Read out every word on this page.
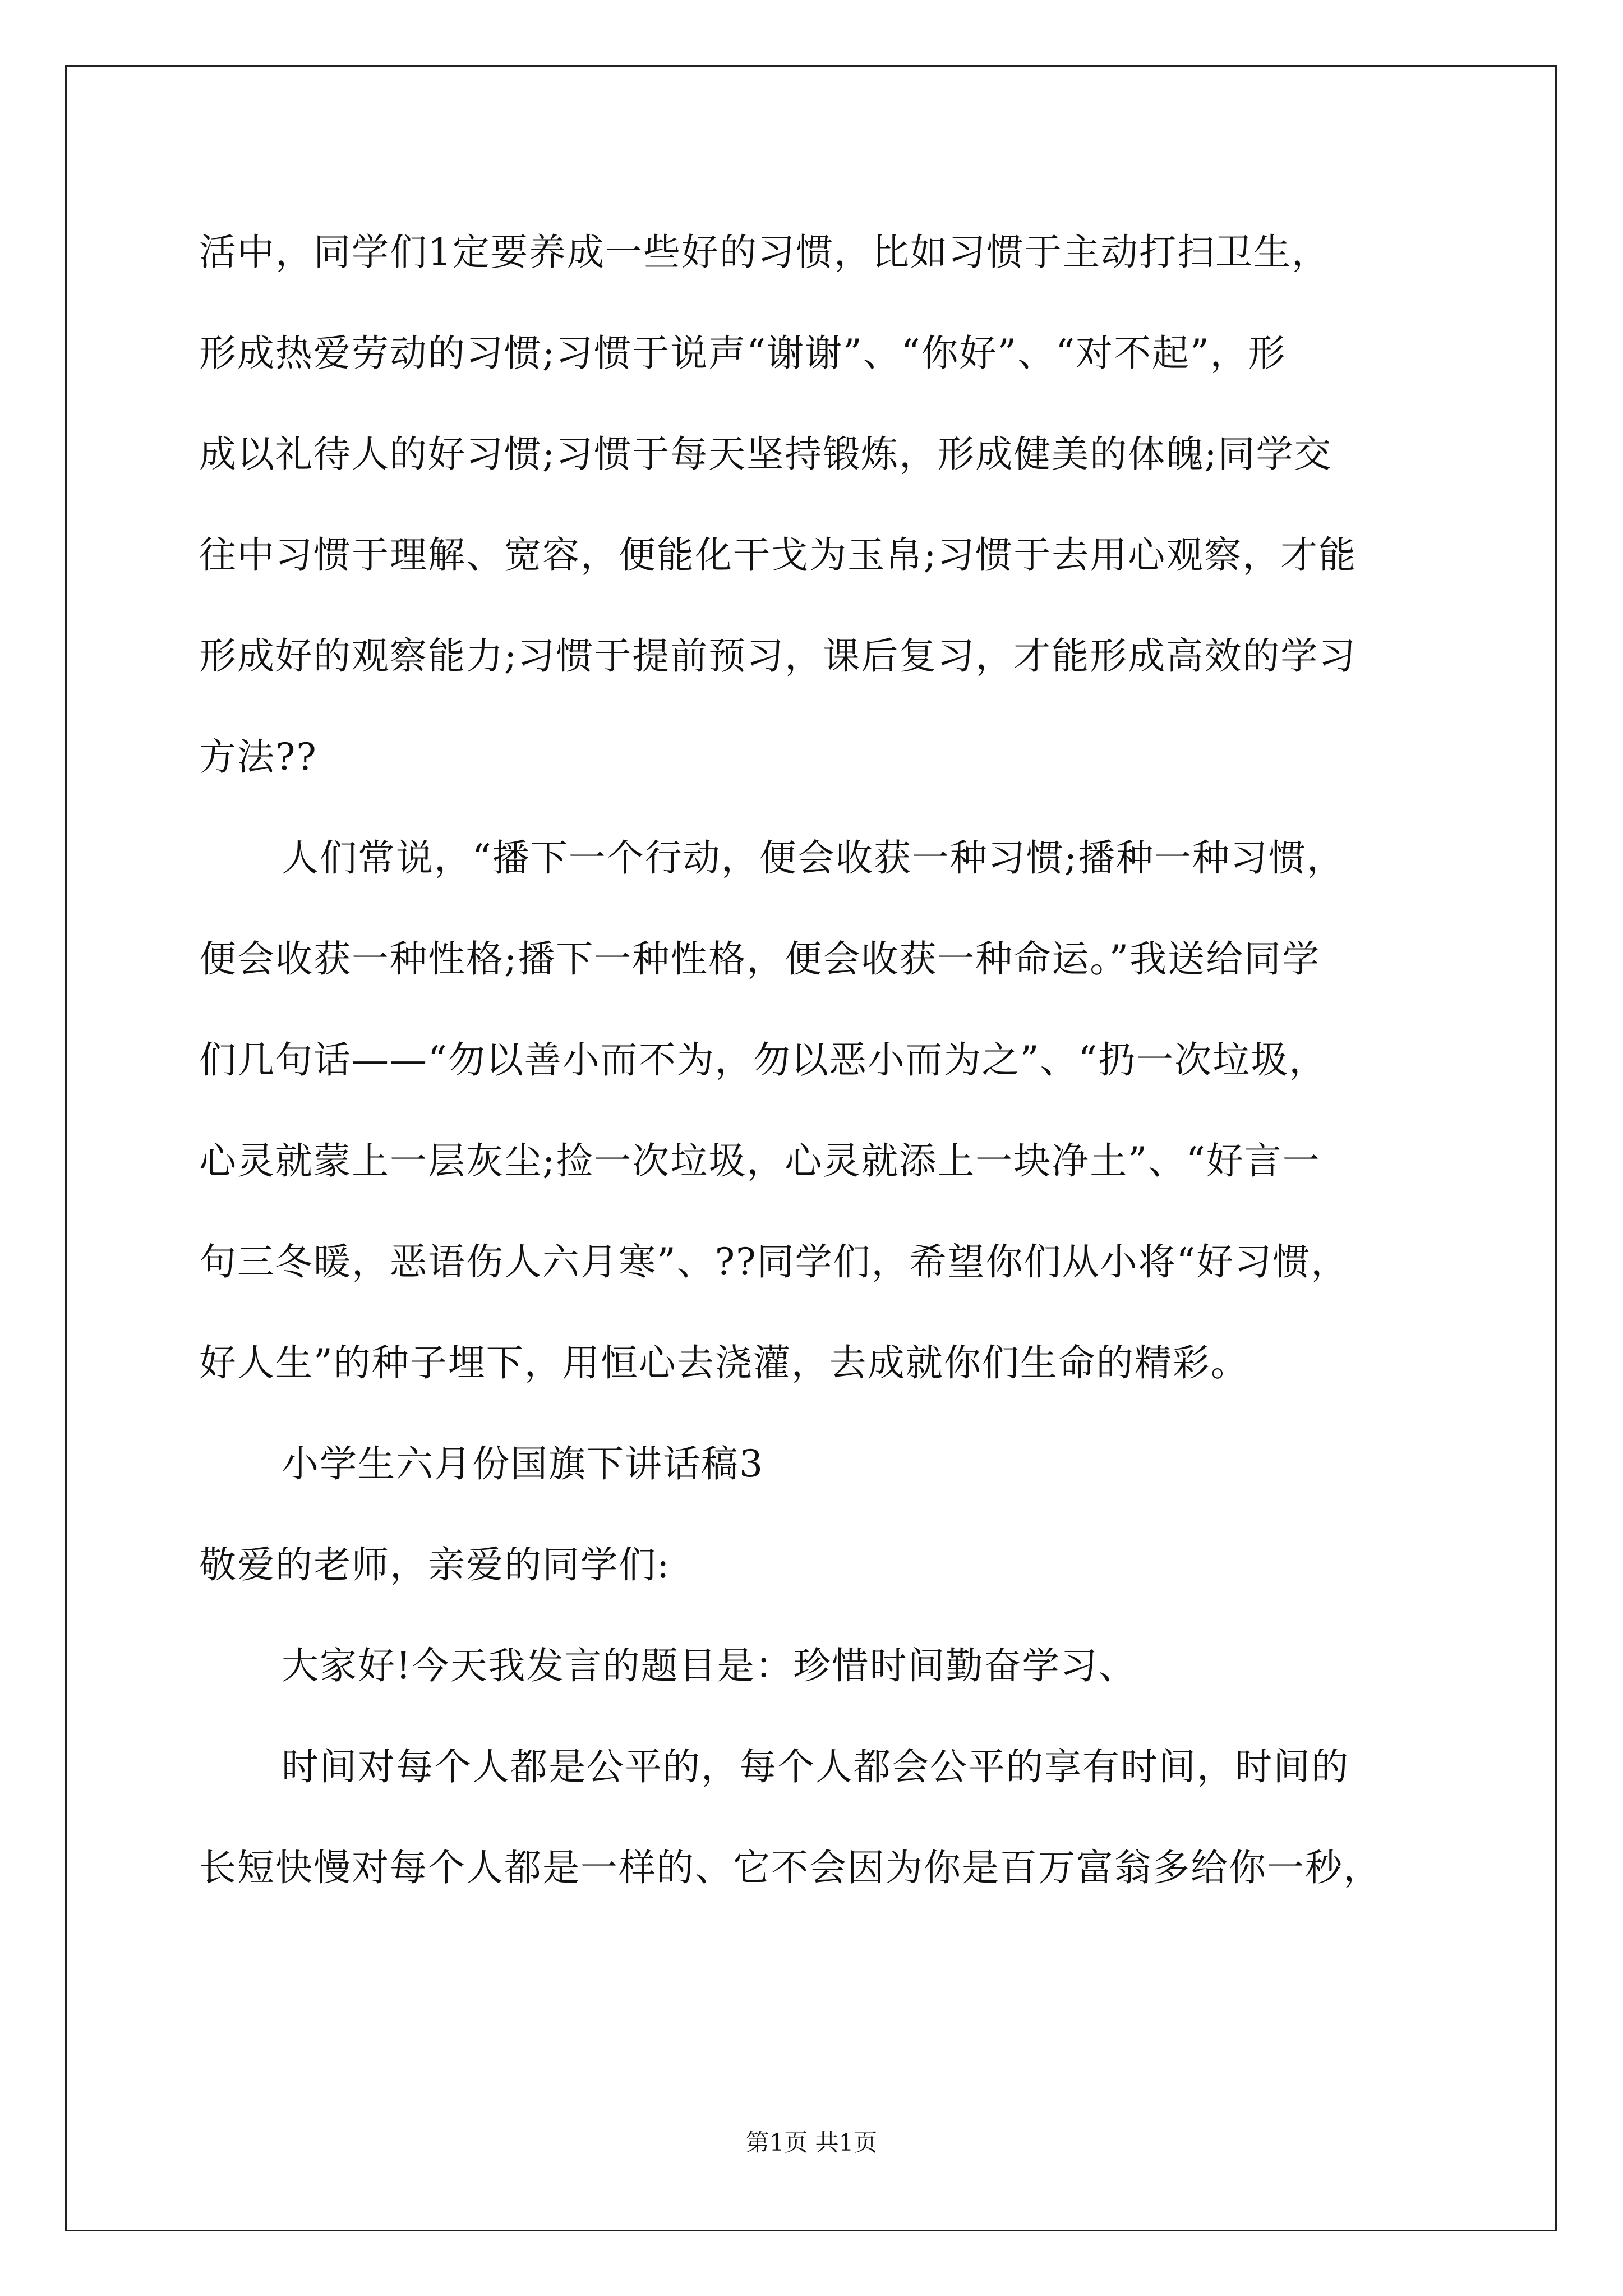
活中，同学们1定要养成一些好的习惯，比如习惯于主动打扫卫生，
形成热爱劳动的习惯;习惯于说声“谢谢”、“你好”、“对不起”，形
成以礼待人的好习惯;习惯于每天坚持锻炼，形成健美的体魄;同学交
往中习惯于理解、宽容，便能化干戈为玉帛;习惯于去用心观察，才能
形成好的观察能力;习惯于提前预习，课后复习，才能形成高效的学习
方法??
人们常说，“播下一个行动，便会收获一种习惯;播种一种习惯，
便会收获一种性格;播下一种性格，便会收获一种命运。”我送给同学
们几句话——“勿以善小而不为，勿以恶小而为之”、“扔一次垃圾，
心灵就蒙上一层灰尘;捡一次垃圾，心灵就添上一块净土”、“好言一
句三冬暖，恶语伤人六月寒”、??同学们，希望你们从小将“好习惯，
好人生”的种子埋下，用恒心去浇灌，去成就你们生命的精彩。
小学生六月份国旗下讲话稿3
敬爱的老师，亲爱的同学们:
大家好!今天我发言的题目是：珍惜时间勤奋学习、
时间对每个人都是公平的，每个人都会公平的享有时间，时间的
长短快慢对每个人都是一样的、它不会因为你是百万富翁多给你一秒，
第1页 共1页
